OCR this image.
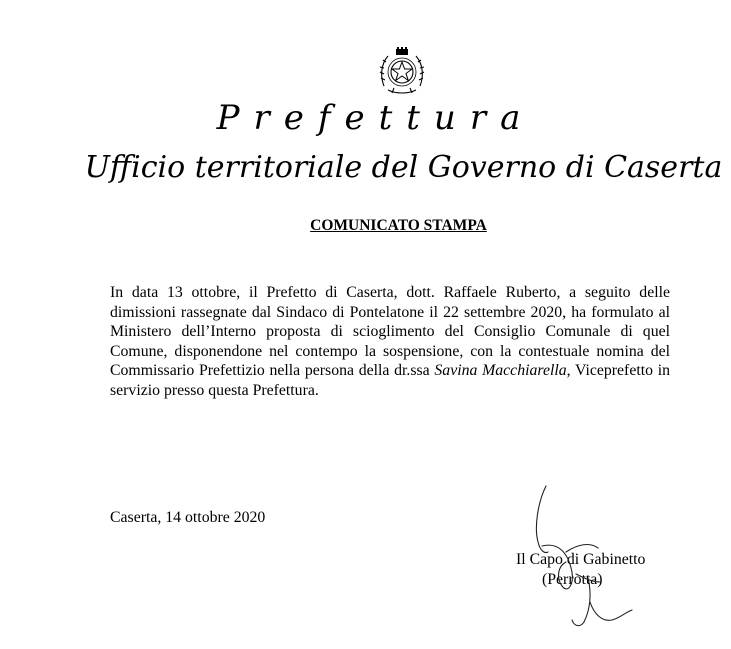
Prefettura
Ufficio territoriale del Governo di Caserta
COMUNICATO STAMPA

In data 13 ottobre, il Prefetto di Caserta, dott. Raffaele Ruberto, a seguito delle dimissioni rassegnate dal Sindaco di Pontelatone il 22 settembre 2020, ha formulato al Ministero dell’Interno proposta di scioglimento del Consiglio Comunale di quel Comune, disponendone nel contempo la sospensione, con la contestuale nomina del Commissario Prefettizio nella persona della dr.ssa Savina Macchiarella, Viceprefetto in servizio presso questa Prefettura.

Caserta, 14 ottobre 2020
Il Capo di Gabinetto
(Perrotta)
